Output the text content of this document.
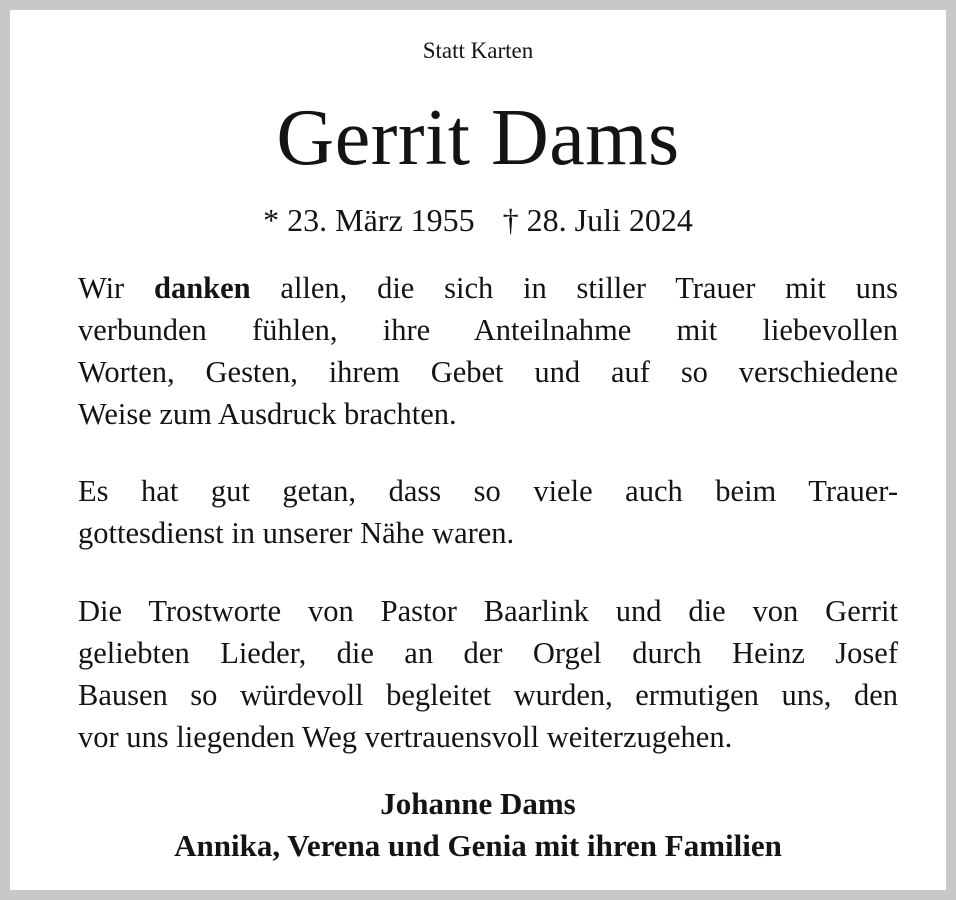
Statt Karten
Gerrit Dams
* 23. März 1955 † 28. Juli 2024
Wir danken allen, die sich in stiller Trauer mit uns
verbunden fühlen, ihre Anteilnahme mit liebevollen
Worten, Gesten, ihrem Gebet und auf so verschiedene
Weise zum Ausdruck brachten.
Es hat gut getan, dass so viele auch beim Trauer-
gottesdienst in unserer Nähe waren.
Die Trostworte von Pastor Baarlink und die von Gerrit
geliebten Lieder, die an der Orgel durch Heinz Josef
Bausen so würdevoll begleitet wurden, ermutigen uns, den
vor uns liegenden Weg vertrauensvoll weiterzugehen.
Johanne Dams
Annika, Verena und Genia mit ihren Familien
